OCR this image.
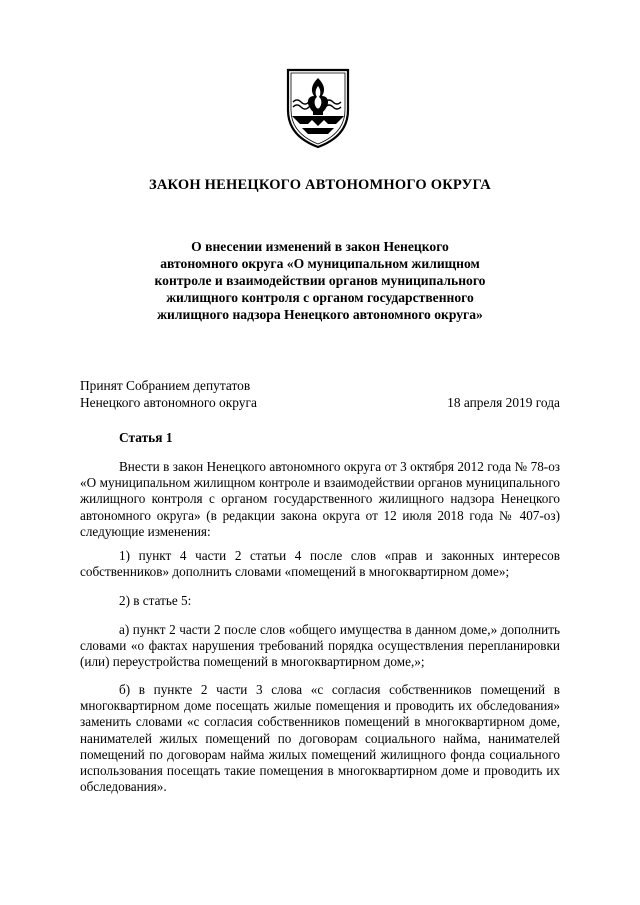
ЗАКОН НЕНЕЦКОГО АВТОНОМНОГО ОКРУГА
О внесении изменений в закон Ненецкого
автономного округа «О муниципальном жилищном
контроле и взаимодействии органов муниципального
жилищного контроля с органом государственного
жилищного надзора Ненецкого автономного округа»
Принят Собранием депутатов
Ненецкого автономного округа	18 апреля 2019 года
Статья 1
Внести в закон Ненецкого автономного округа от 3 октября 2012 года № 78-оз
«О муниципальном жилищном контроле и взаимодействии органов муниципального
жилищного контроля с органом государственного жилищного надзора Ненецкого
автономного округа» (в редакции закона округа от 12 июля 2018 года № 407-оз)
следующие изменения:
1) пункт 4 части 2 статьи 4 после слов «прав и законных интересов
собственников» дополнить словами «помещений в многоквартирном доме»;
2) в статье 5:
а) пункт 2 части 2 после слов «общего имущества в данном доме,» дополнить
словами «о фактах нарушения требований порядка осуществления перепланировки
(или) переустройства помещений в многоквартирном доме,»;
б) в пункте 2 части 3 слова «с согласия собственников помещений в
многоквартирном доме посещать жилые помещения и проводить их обследования»
заменить словами «с согласия собственников помещений в многоквартирном доме,
нанимателей жилых помещений по договорам социального найма, нанимателей
помещений по договорам найма жилых помещений жилищного фонда социального
использования посещать такие помещения в многоквартирном доме и проводить их
обследования».
